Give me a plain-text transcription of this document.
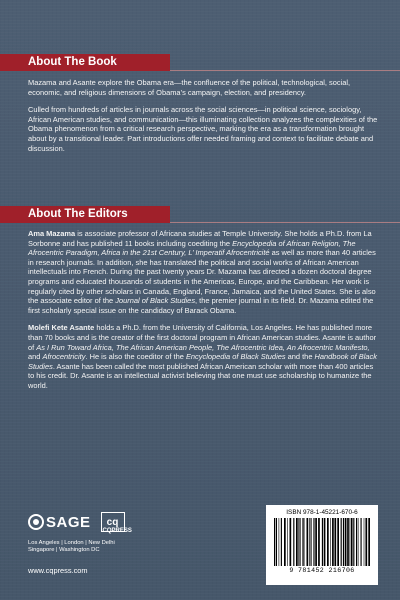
About The Book

Mazama and Asante explore the Obama era—the confluence of the political, technological, social, economic, and religious dimensions of Obama’s campaign, election, and presidency.

Culled from hundreds of articles in journals across the social sciences—in political science, sociology, African American studies, and communication—this illuminating collection analyzes the complexities of the Obama phenomenon from a critical research perspective, marking the era as a transformation brought about by a transitional leader. Part introductions offer needed framing and context to facilitate debate and discussion.

About The Editors

Ama Mazama is associate professor of Africana studies at Temple University. She holds a Ph.D. from La Sorbonne and has published 11 books including coediting the Encyclopedia of African Religion, The Afrocentric Paradigm, Africa in the 21st Century, L’ Imperatif Afrocentricité as well as more than 40 articles in research journals. In addition, she has translated the political and social works of African American intellectuals into French. During the past twenty years Dr. Mazama has directed a dozen doctoral degree programs and educated thousands of students in the Americas, Europe, and the Caribbean. Her work is regularly cited by other scholars in Canada, England, France, Jamaica, and the United States. She is also the associate editor of the Journal of Black Studies, the premier journal in its field. Dr. Mazama edited the first scholarly special issue on the candidacy of Barack Obama.

Molefi Kete Asante holds a Ph.D. from the University of California, Los Angeles. He has published more than 70 books and is the creator of the first doctoral program in African American studies. Asante is author of As I Run Toward Africa, The African American People, The Afrocentric Idea, An Afrocentric Manifesto, and Afrocentricity. He is also the coeditor of the Encyclopedia of Black Studies and the Handbook of Black Studies. Asante has been called the most published African American scholar with more than 400 articles to his credit. Dr. Asante is an intellectual activist believing that one must use scholarship to humanize the world.

SAGE	cq
CQPRESS
Los Angeles | London | New Delhi
Singapore | Washington DC
www.cqpress.com
ISBN 978-1-45221-670-6
9 781452 216706
